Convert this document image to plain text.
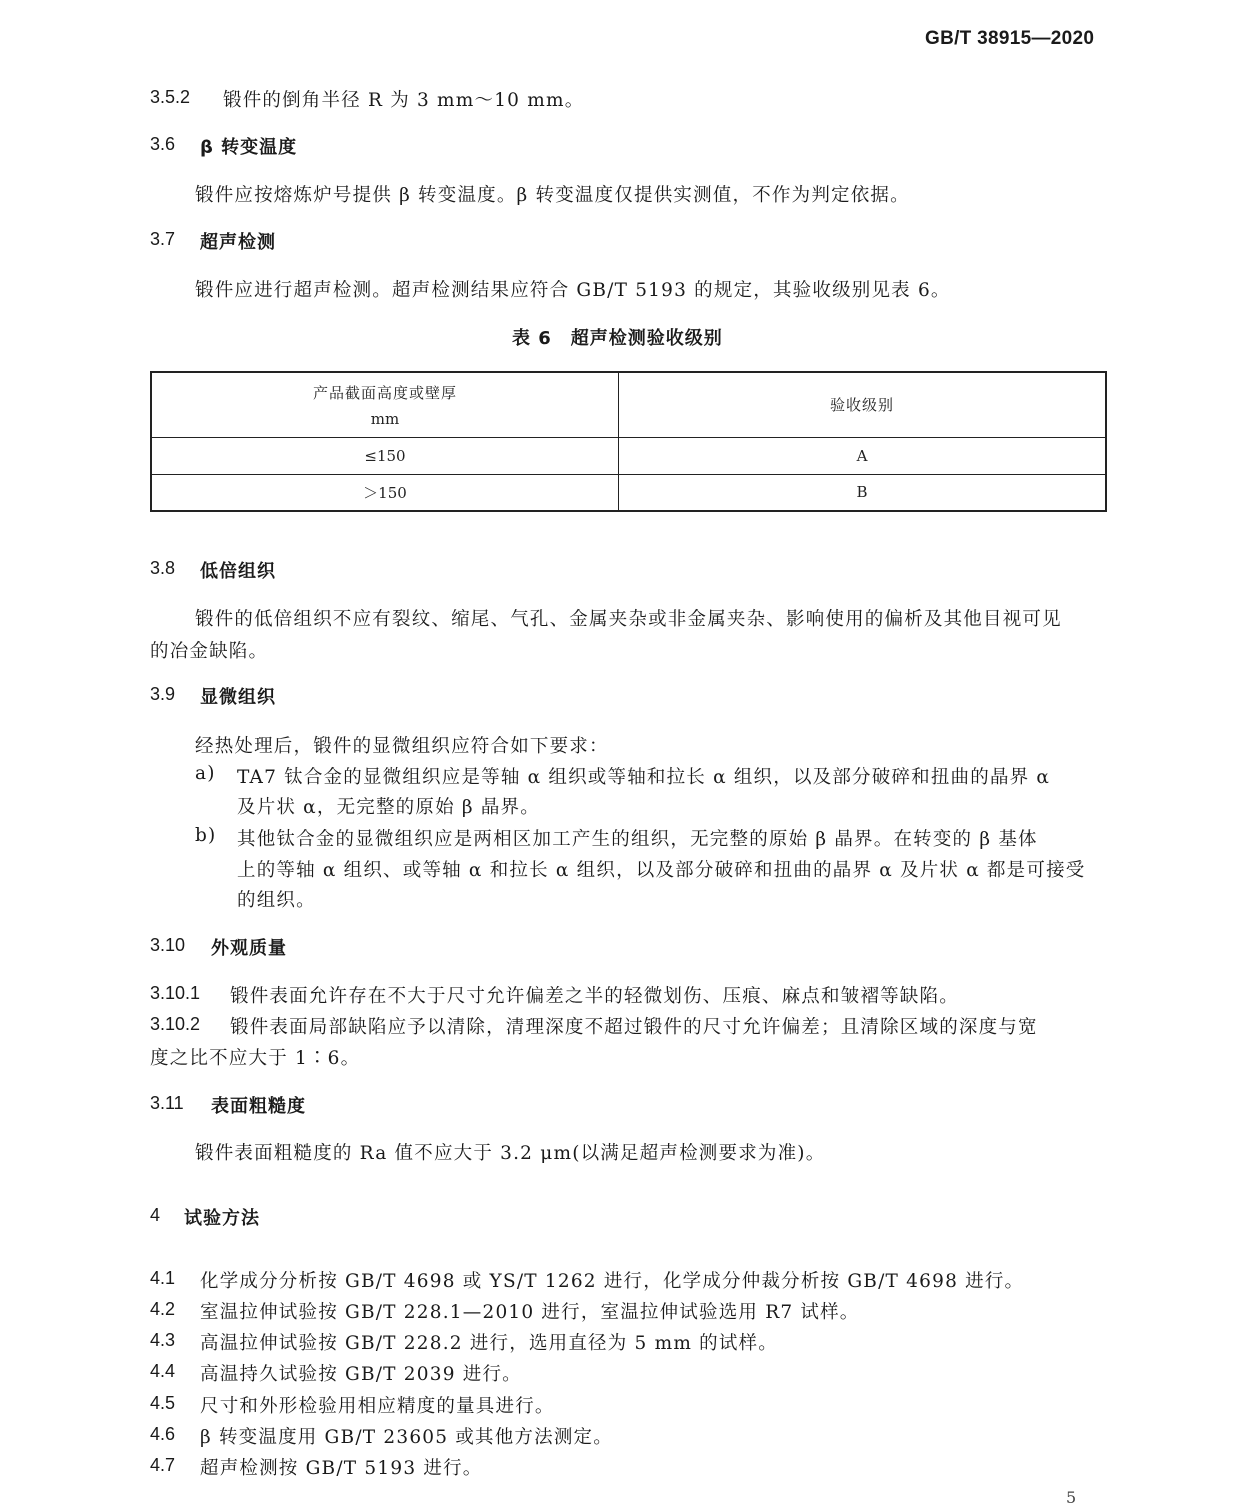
GB/T 38915—2020
3.5.2 锻件的倒角半径 R 为 3 mm～10 mm。
3.6 β 转变温度
锻件应按熔炼炉号提供 β 转变温度。β 转变温度仅提供实测值，不作为判定依据。
3.7 超声检测
锻件应进行超声检测。超声检测结果应符合 GB/T 5193 的规定，其验收级别见表 6。
表 6　超声检测验收级别
产品截面高度或壁厚
mm	验收级别
≤150	A
＞150	B
3.8 低倍组织
锻件的低倍组织不应有裂纹、缩尾、气孔、金属夹杂或非金属夹杂、影响使用的偏析及其他目视可见
的冶金缺陷。
3.9 显微组织
经热处理后，锻件的显微组织应符合如下要求：
a) TA7 钛合金的显微组织应是等轴 α 组织或等轴和拉长 α 组织，以及部分破碎和扭曲的晶界 α
及片状 α，无完整的原始 β 晶界。
b) 其他钛合金的显微组织应是两相区加工产生的组织，无完整的原始 β 晶界。在转变的 β 基体
上的等轴 α 组织、或等轴 α 和拉长 α 组织，以及部分破碎和扭曲的晶界 α 及片状 α 都是可接受
的组织。
3.10 外观质量
3.10.1 锻件表面允许存在不大于尺寸允许偏差之半的轻微划伤、压痕、麻点和皱褶等缺陷。
3.10.2 锻件表面局部缺陷应予以清除，清理深度不超过锻件的尺寸允许偏差；且清除区域的深度与宽
度之比不应大于 1∶6。
3.11 表面粗糙度
锻件表面粗糙度的 Ra 值不应大于 3.2 μm(以满足超声检测要求为准)。
4 试验方法
4.1 化学成分分析按 GB/T 4698 或 YS/T 1262 进行，化学成分仲裁分析按 GB/T 4698 进行。
4.2 室温拉伸试验按 GB/T 228.1—2010 进行，室温拉伸试验选用 R7 试样。
4.3 高温拉伸试验按 GB/T 228.2 进行，选用直径为 5 mm 的试样。
4.4 高温持久试验按 GB/T 2039 进行。
4.5 尺寸和外形检验用相应精度的量具进行。
4.6 β 转变温度用 GB/T 23605 或其他方法测定。
4.7 超声检测按 GB/T 5193 进行。
5
